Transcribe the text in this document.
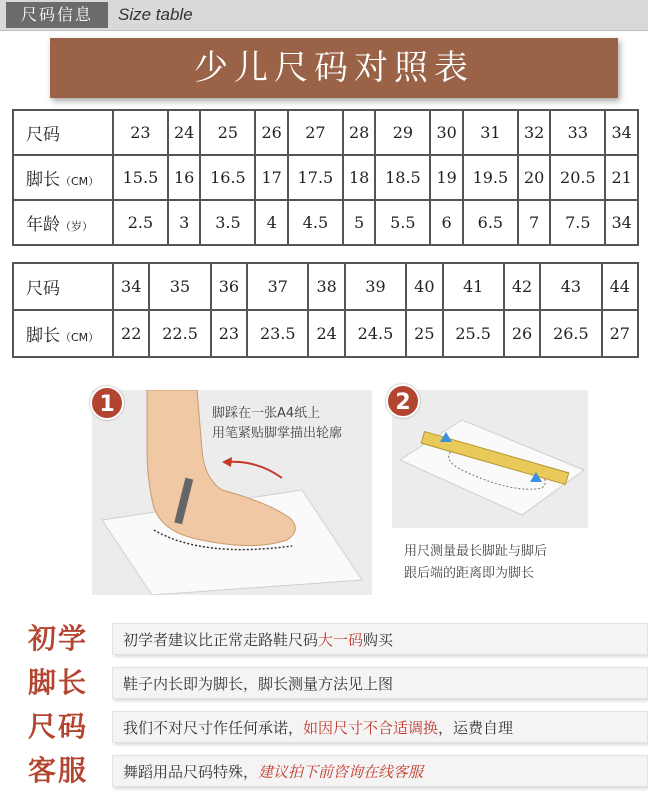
尺码信息	Size table
少儿尺码对照表
尺码	23	24	25	26	27	28	29	30	31	32	33	34
脚长（CM）	15.5	16	16.5	17	17.5	18	18.5	19	19.5	20	20.5	21
年龄（岁）	2.5	3	3.5	4	4.5	5	5.5	6	6.5	7	7.5	34
尺码	34	35	36	37	38	39	40	41	42	43	44
脚长（CM）	22	22.5	23	23.5	24	24.5	25	25.5	26	26.5	27
1	脚踩在一张A4纸上
用笔紧贴脚掌描出轮廓
2
用尺测量最长脚趾与脚后
跟后端的距离即为脚长
初学	初学者建议比正常走路鞋尺码大一码购买
脚长	鞋子内长即为脚长，脚长测量方法见上图
尺码	我们不对尺寸作任何承诺，如因尺寸不合适调换，运费自理
客服	舞蹈用品尺码特殊，建议拍下前咨询在线客服
